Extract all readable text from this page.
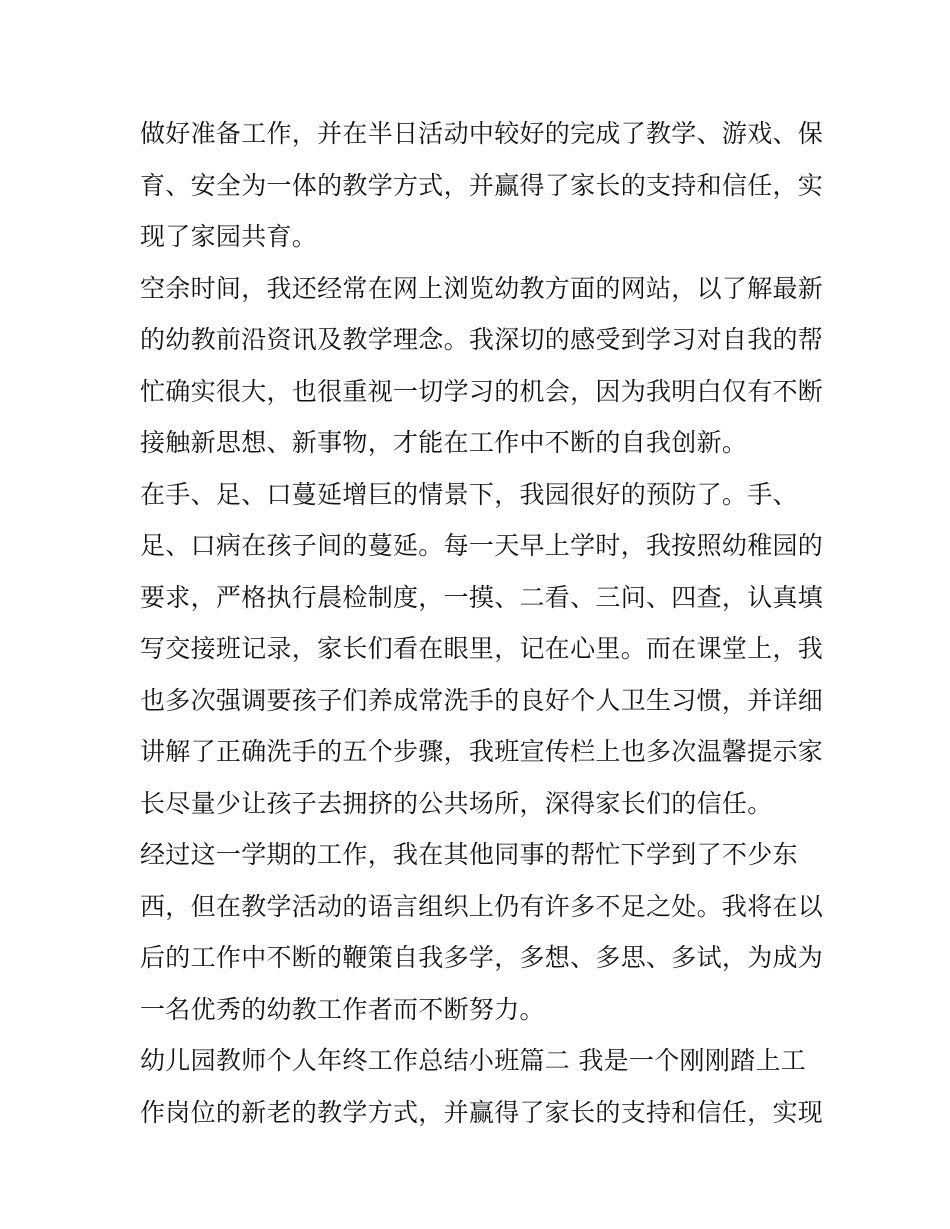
做好准备工作，并在半日活动中较好的完成了教学、游戏、保
育、安全为一体的教学方式，并赢得了家长的支持和信任，实
现了家园共育。
空余时间，我还经常在网上浏览幼教方面的网站，以了解最新
的幼教前沿资讯及教学理念。我深切的感受到学习对自我的帮
忙确实很大，也很重视一切学习的机会，因为我明白仅有不断
接触新思想、新事物，才能在工作中不断的自我创新。
在手、足、口蔓延增巨的情景下，我园很好的预防了。手、
足、口病在孩子间的蔓延。每一天早上学时，我按照幼稚园的
要求，严格执行晨检制度，一摸、二看、三问、四查，认真填
写交接班记录，家长们看在眼里，记在心里。而在课堂上，我
也多次强调要孩子们养成常洗手的良好个人卫生习惯，并详细
讲解了正确洗手的五个步骤，我班宣传栏上也多次温馨提示家
长尽量少让孩子去拥挤的公共场所，深得家长们的信任。
经过这一学期的工作，我在其他同事的帮忙下学到了不少东
西，但在教学活动的语言组织上仍有许多不足之处。我将在以
后的工作中不断的鞭策自我多学，多想、多思、多试，为成为
一名优秀的幼教工作者而不断努力。
幼儿园教师个人年终工作总结小班篇二 我是一个刚刚踏上工
作岗位的新老的教学方式，并赢得了家长的支持和信任，实现
